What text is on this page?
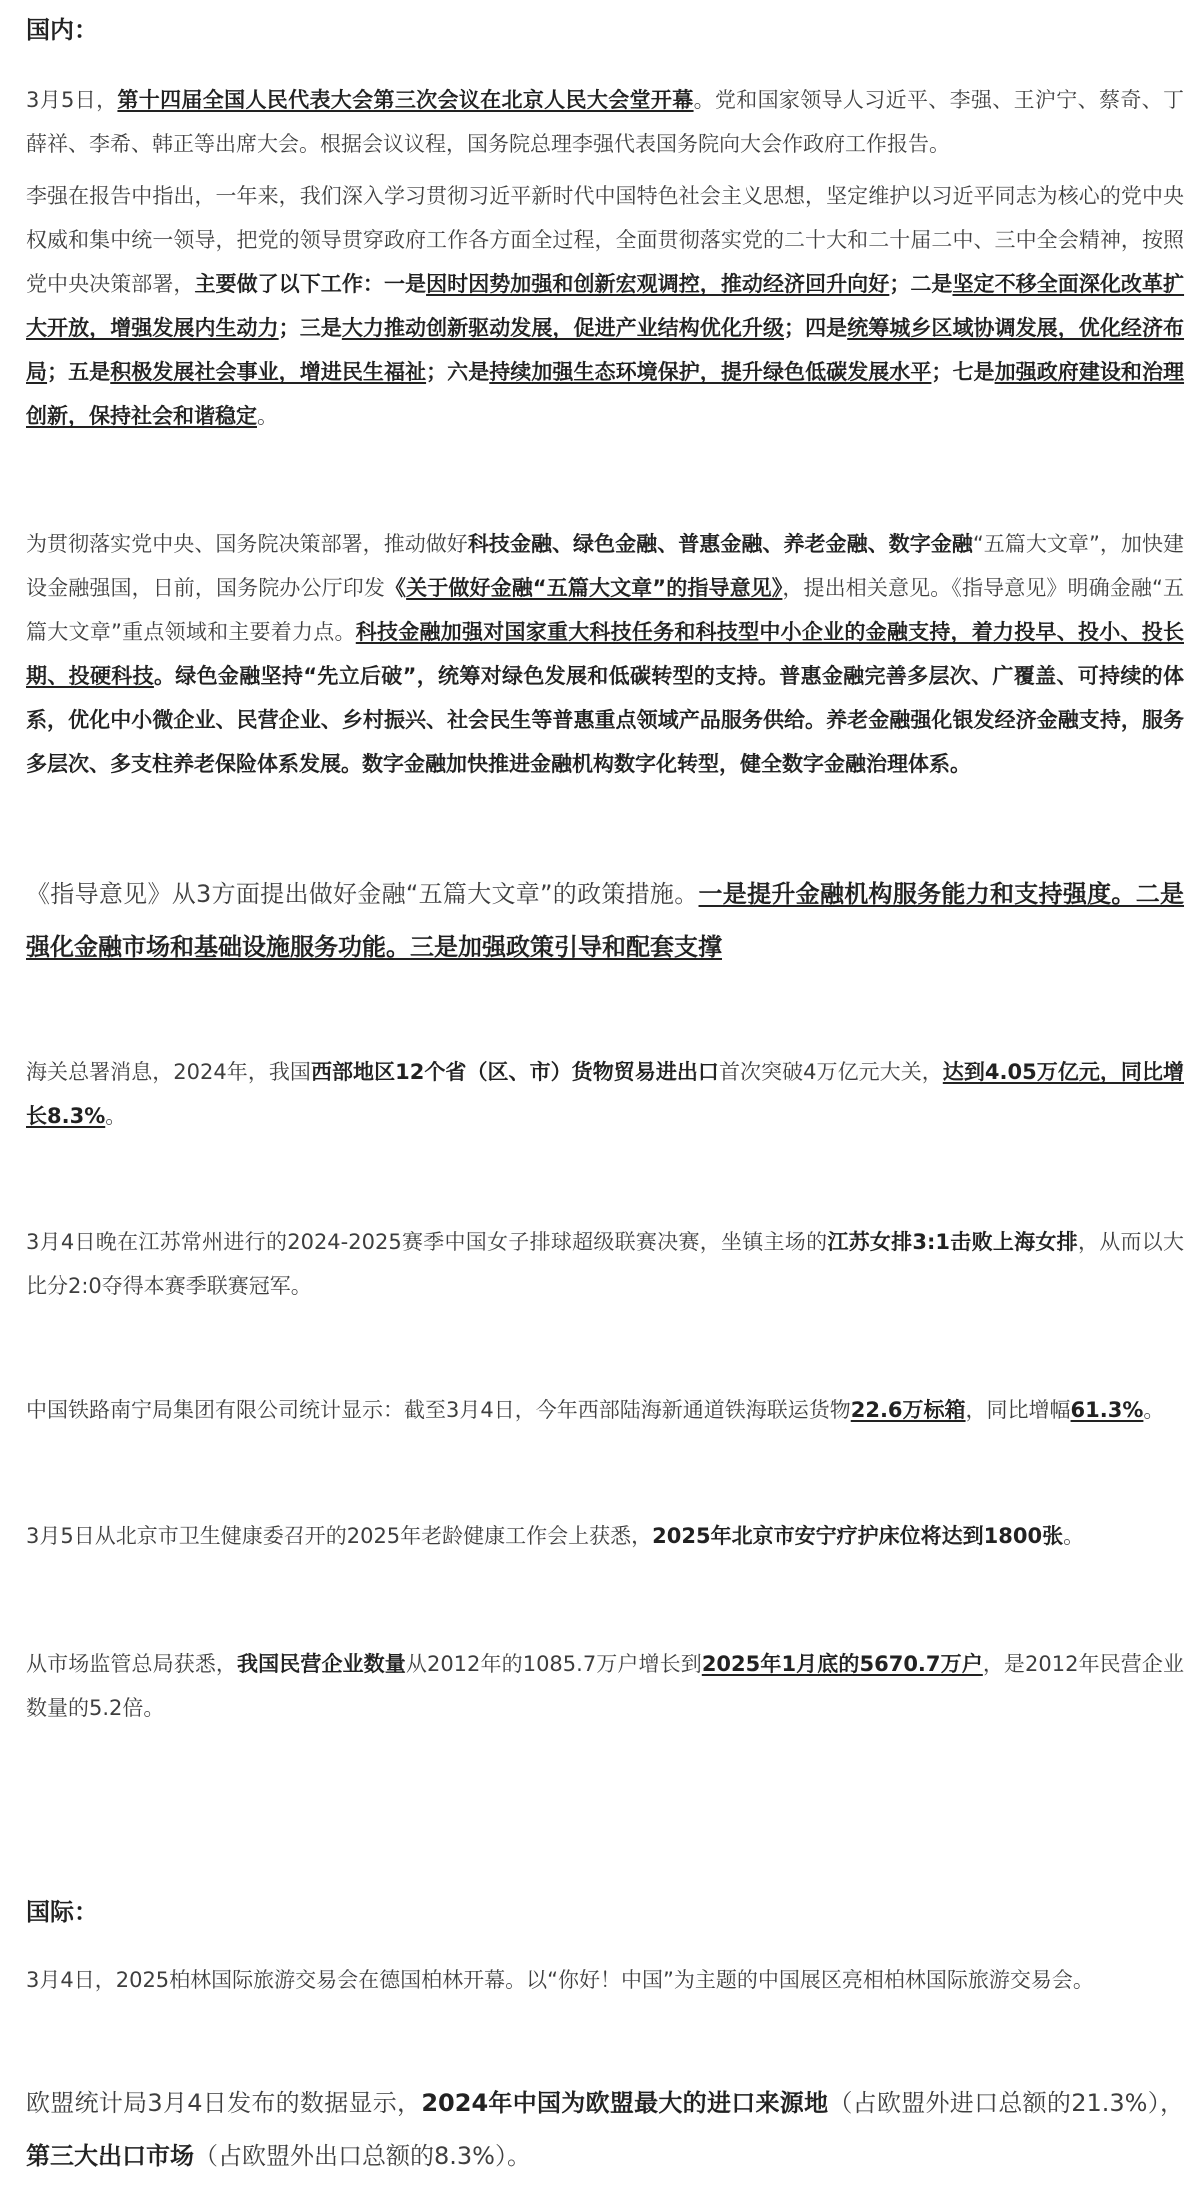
国内：

3月5日，第十四届全国人民代表大会第三次会议在北京人民大会堂开幕。党和国家领导人习近平、李强、王沪宁、蔡奇、丁薛祥、李希、韩正等出席大会。根据会议议程，国务院总理李强代表国务院向大会作政府工作报告。

李强在报告中指出，一年来，我们深入学习贯彻习近平新时代中国特色社会主义思想，坚定维护以习近平同志为核心的党中央权威和集中统一领导，把党的领导贯穿政府工作各方面全过程，全面贯彻落实党的二十大和二十届二中、三中全会精神，按照党中央决策部署，主要做了以下工作：一是因时因势加强和创新宏观调控，推动经济回升向好；二是坚定不移全面深化改革扩大开放，增强发展内生动力；三是大力推动创新驱动发展，促进产业结构优化升级；四是统筹城乡区域协调发展，优化经济布局；五是积极发展社会事业，增进民生福祉；六是持续加强生态环境保护，提升绿色低碳发展水平；七是加强政府建设和治理创新，保持社会和谐稳定。

为贯彻落实党中央、国务院决策部署，推动做好科技金融、绿色金融、普惠金融、养老金融、数字金融“五篇大文章”，加快建设金融强国，日前，国务院办公厅印发《关于做好金融“五篇大文章”的指导意见》，提出相关意见。《指导意见》明确金融“五篇大文章”重点领域和主要着力点。科技金融加强对国家重大科技任务和科技型中小企业的金融支持，着力投早、投小、投长期、投硬科技。绿色金融坚持“先立后破”，统筹对绿色发展和低碳转型的支持。普惠金融完善多层次、广覆盖、可持续的体系，优化中小微企业、民营企业、乡村振兴、社会民生等普惠重点领域产品服务供给。养老金融强化银发经济金融支持，服务多层次、多支柱养老保险体系发展。数字金融加快推进金融机构数字化转型，健全数字金融治理体系。

《指导意见》从3方面提出做好金融“五篇大文章”的政策措施。一是提升金融机构服务能力和支持强度。二是强化金融市场和基础设施服务功能。三是加强政策引导和配套支撑

海关总署消息，2024年，我国西部地区12个省（区、市）货物贸易进出口首次突破4万亿元大关，达到4.05万亿元，同比增长8.3%。

3月4日晚在江苏常州进行的2024-2025赛季中国女子排球超级联赛决赛，坐镇主场的江苏女排3:1击败上海女排，从而以大比分2:0夺得本赛季联赛冠军。

中国铁路南宁局集团有限公司统计显示：截至3月4日，今年西部陆海新通道铁海联运货物22.6万标箱，同比增幅61.3%。

3月5日从北京市卫生健康委召开的2025年老龄健康工作会上获悉，2025年北京市安宁疗护床位将达到1800张。

从市场监管总局获悉，我国民营企业数量从2012年的1085.7万户增长到2025年1月底的5670.7万户，是2012年民营企业数量的5.2倍。

国际：

3月4日，2025柏林国际旅游交易会在德国柏林开幕。以“你好！中国”为主题的中国展区亮相柏林国际旅游交易会。

欧盟统计局3月4日发布的数据显示，2024年中国为欧盟最大的进口来源地（占欧盟外进口总额的21.3%），第三大出口市场（占欧盟外出口总额的8.3%）。
